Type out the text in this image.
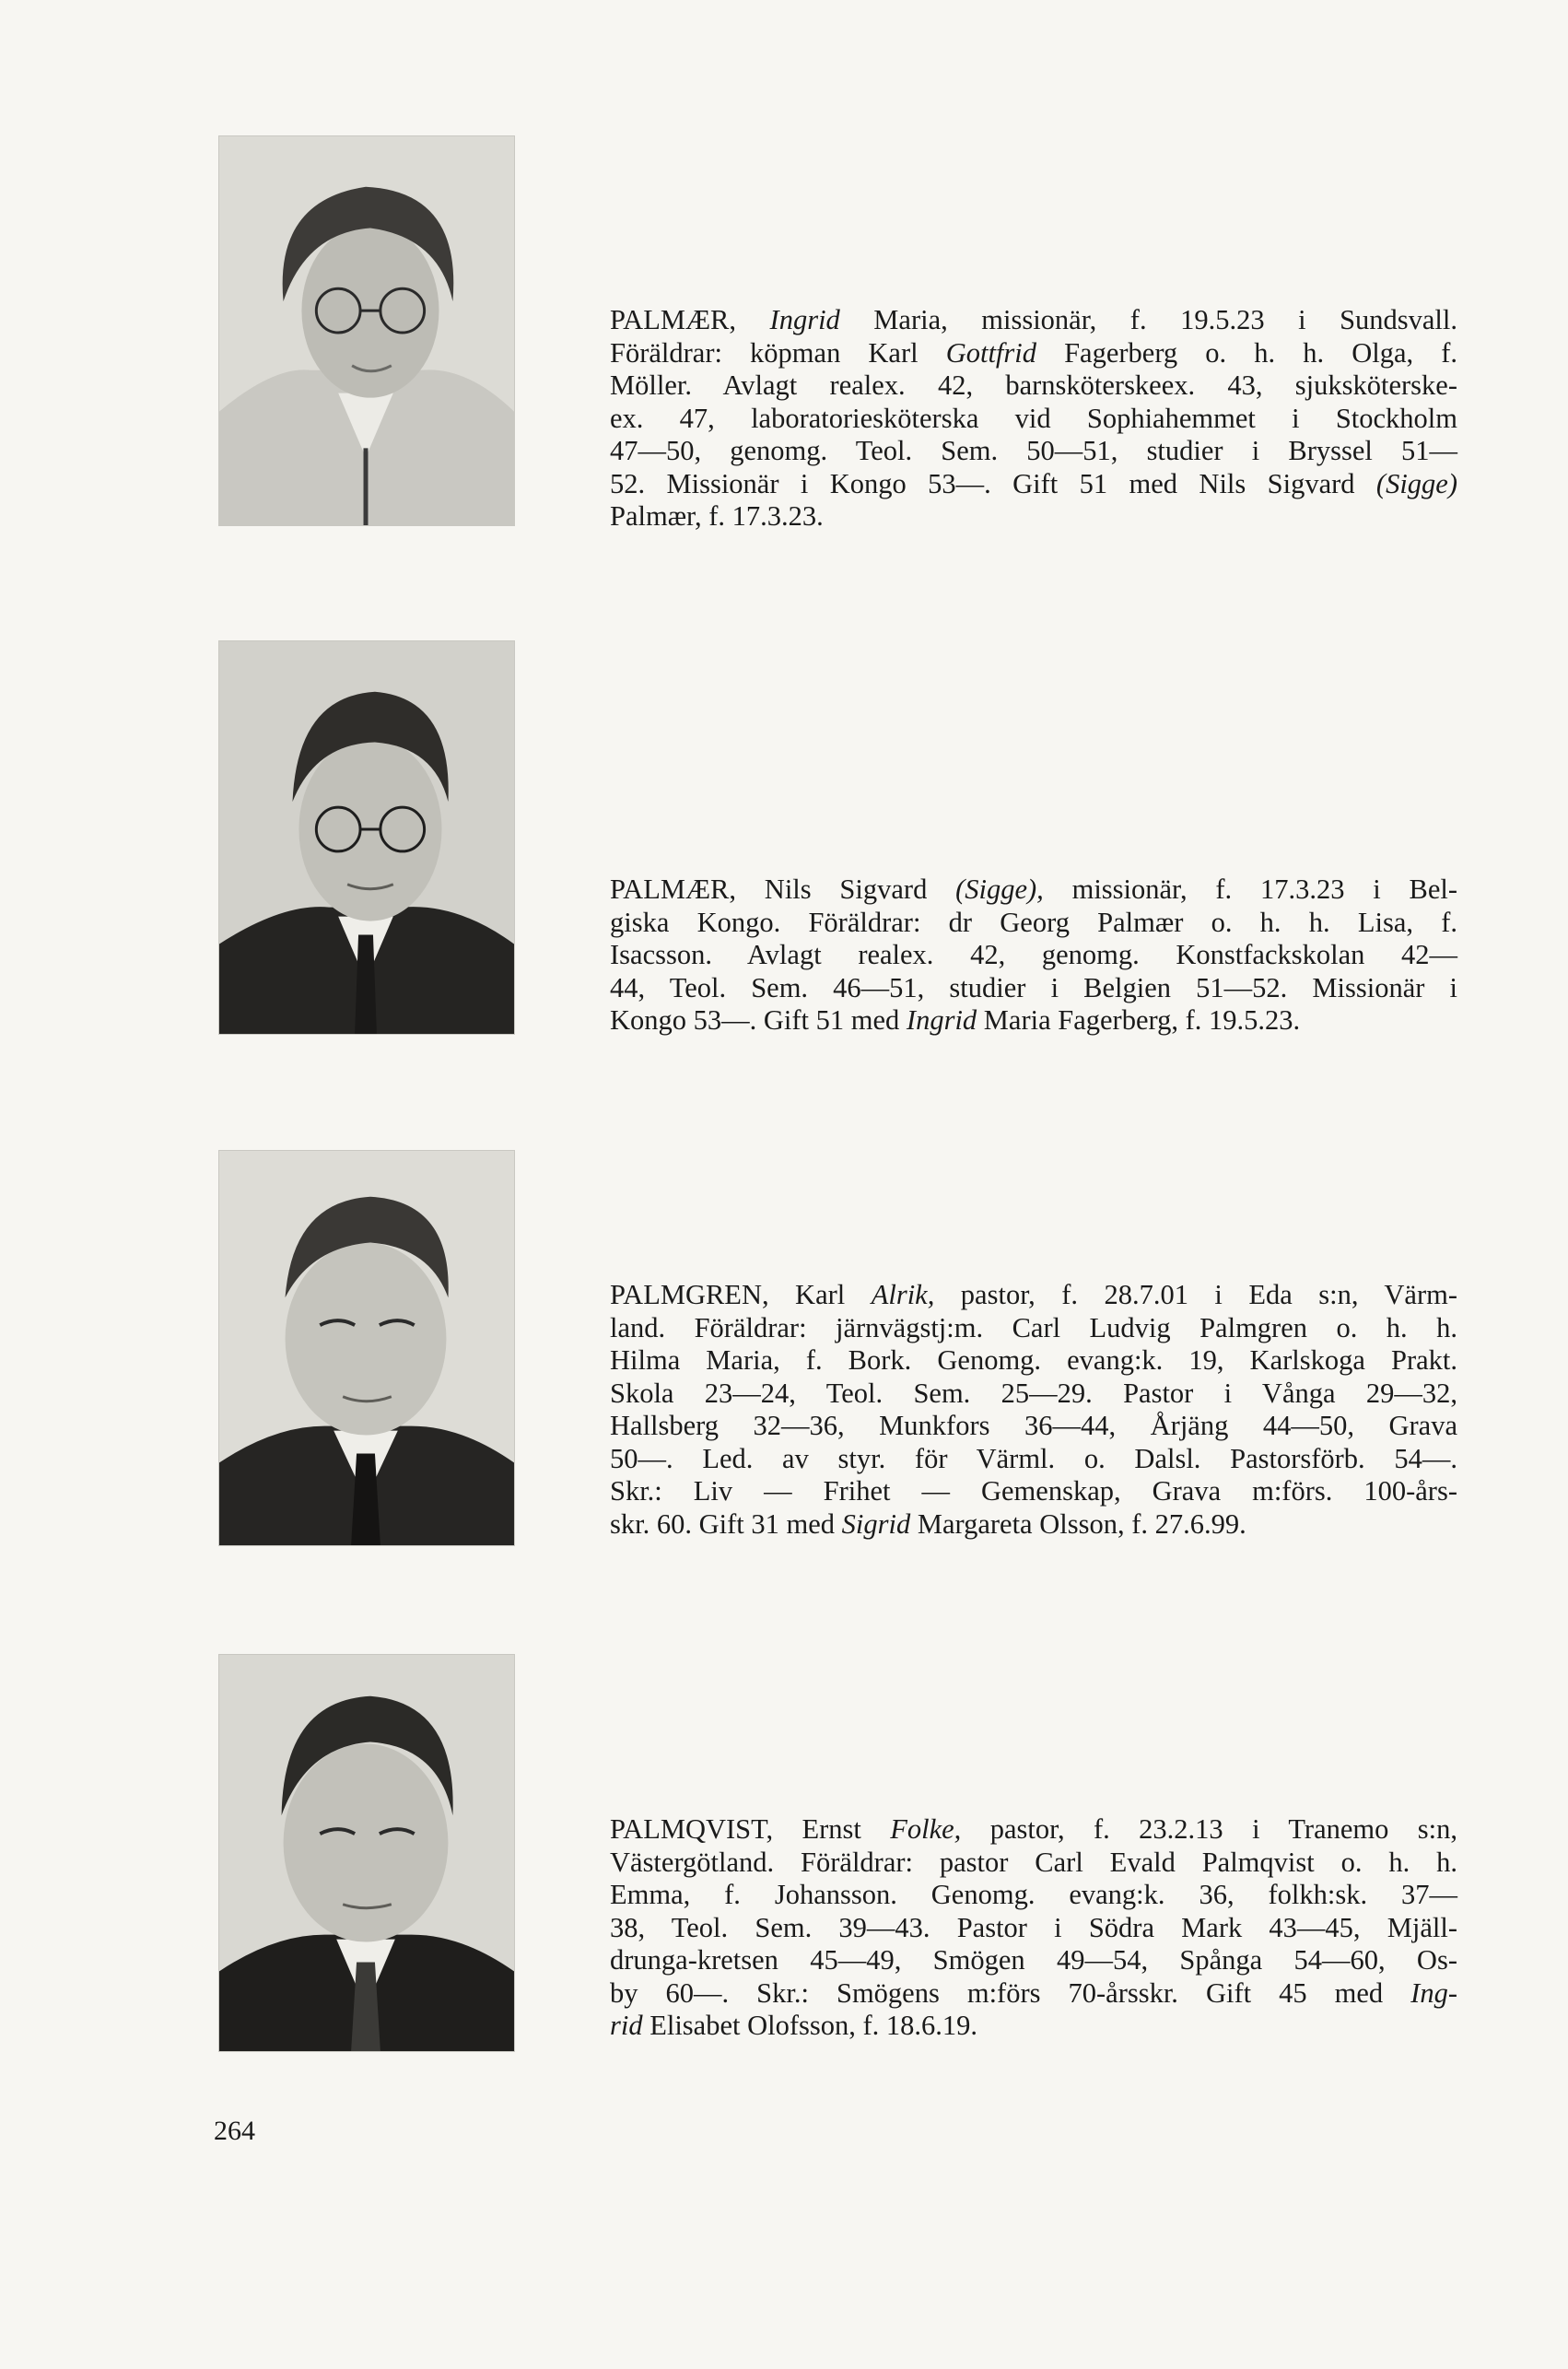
PALMÆR, Ingrid Maria, missionär, f. 19.5.23 i Sundsvall.
Föräldrar: köpman Karl Gottfrid Fagerberg o. h. h. Olga, f.
Möller. Avlagt realex. 42, barnsköterskeex. 43, sjuksköterske-
ex. 47, laboratoriesköterska vid Sophiahemmet i Stockholm
47—50, genomg. Teol. Sem. 50—51, studier i Bryssel 51—
52. Missionär i Kongo 53—. Gift 51 med Nils Sigvard (Sigge)
Palmær, f. 17.3.23.

PALMÆR, Nils Sigvard (Sigge), missionär, f. 17.3.23 i Bel-
giska Kongo. Föräldrar: dr Georg Palmær o. h. h. Lisa, f.
Isacsson. Avlagt realex. 42, genomg. Konstfackskolan 42—
44, Teol. Sem. 46—51, studier i Belgien 51—52. Missionär i
Kongo 53—. Gift 51 med Ingrid Maria Fagerberg, f. 19.5.23.

PALMGREN, Karl Alrik, pastor, f. 28.7.01 i Eda s:n, Värm-
land. Föräldrar: järnvägstj:m. Carl Ludvig Palmgren o. h. h.
Hilma Maria, f. Bork. Genomg. evang:k. 19, Karlskoga Prakt.
Skola 23—24, Teol. Sem. 25—29. Pastor i Vånga 29—32,
Hallsberg 32—36, Munkfors 36—44, Årjäng 44—50, Grava
50—. Led. av styr. för Värml. o. Dalsl. Pastorsförb. 54—.
Skr.: Liv — Frihet — Gemenskap, Grava m:förs. 100-års-
skr. 60. Gift 31 med Sigrid Margareta Olsson, f. 27.6.99.

PALMQVIST, Ernst Folke, pastor, f. 23.2.13 i Tranemo s:n,
Västergötland. Föräldrar: pastor Carl Evald Palmqvist o. h. h.
Emma, f. Johansson. Genomg. evang:k. 36, folkh:sk. 37—
38, Teol. Sem. 39—43. Pastor i Södra Mark 43—45, Mjäll-
drunga-kretsen 45—49, Smögen 49—54, Spånga 54—60, Os-
by 60—. Skr.: Smögens m:förs 70-årsskr. Gift 45 med Ing-
rid Elisabet Olofsson, f. 18.6.19.

264
